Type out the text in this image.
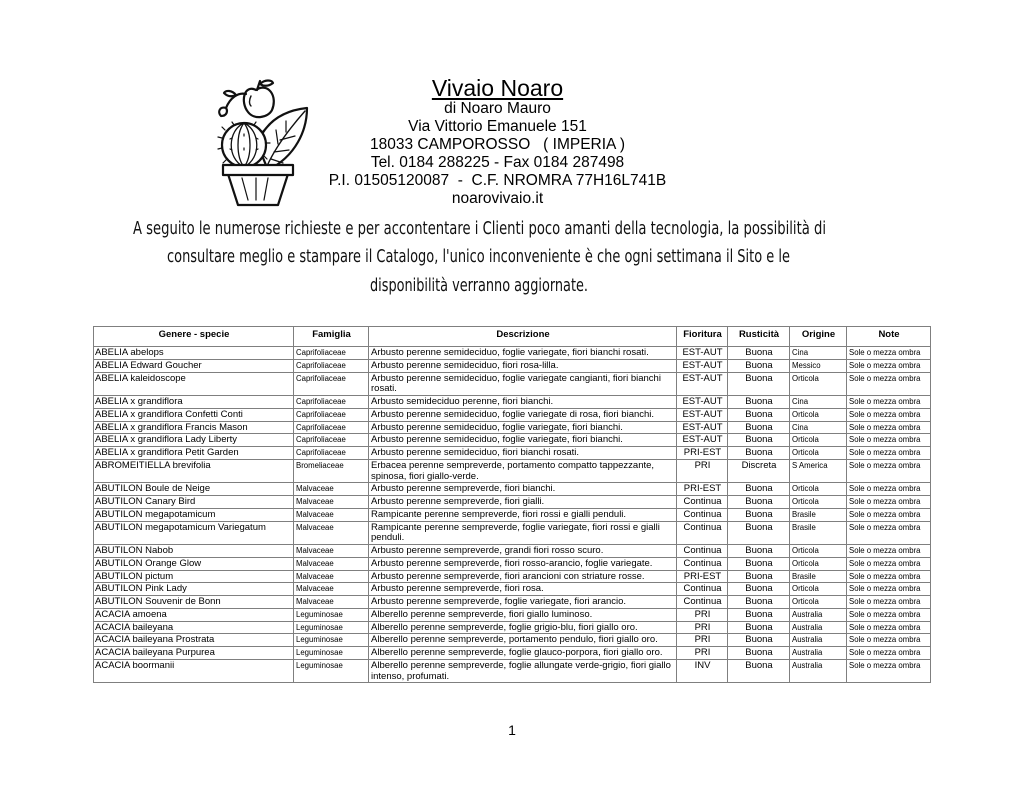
Vivaio Noaro
di Noaro Mauro
Via Vittorio Emanuele 151
18033 CAMPOROSSO   ( IMPERIA )
Tel. 0184 288225 - Fax 0184 287498
P.I. 01505120087  -  C.F. NROMRA 77H16L741B
noarovivaio.it
A seguito le numerose richieste e per accontentare i Clienti poco amanti della tecnologia, la possibilità di
consultare meglio e stampare il Catalogo, l'unico inconveniente è che ogni settimana il Sito e le
disponibilità verranno aggiornate.
Genere - specie	Famiglia	Descrizione	Fioritura	Rusticità	Origine	Note
ABELIA abelops	Caprifoliaceae	Arbusto perenne semideciduo, foglie variegate, fiori bianchi rosati.	EST-AUT	Buona	Cina	Sole o mezza ombra
ABELIA Edward Goucher	Caprifoliaceae	Arbusto perenne semideciduo, fiori rosa-lilla.	EST-AUT	Buona	Messico	Sole o mezza ombra
ABELIA kaleidoscope	Caprifoliaceae	Arbusto perenne semideciduo, foglie variegate cangianti, fiori bianchi rosati.	EST-AUT	Buona	Orticola	Sole o mezza ombra
ABELIA x grandiflora	Caprifoliaceae	Arbusto semideciduo perenne, fiori bianchi.	EST-AUT	Buona	Cina	Sole o mezza ombra
ABELIA x grandiflora Confetti Conti	Caprifoliaceae	Arbusto perenne semideciduo, foglie variegate di rosa, fiori bianchi.	EST-AUT	Buona	Orticola	Sole o mezza ombra
ABELIA x grandiflora Francis Mason	Caprifoliaceae	Arbusto perenne semideciduo, foglie variegate, fiori bianchi.	EST-AUT	Buona	Cina	Sole o mezza ombra
ABELIA x grandiflora Lady Liberty	Caprifoliaceae	Arbusto perenne semideciduo, foglie variegate, fiori bianchi.	EST-AUT	Buona	Orticola	Sole o mezza ombra
ABELIA x grandiflora Petit Garden	Caprifoliaceae	Arbusto perenne semideciduo, fiori bianchi rosati.	PRI-EST	Buona	Orticola	Sole o mezza ombra
ABROMEITIELLA brevifolia	Bromeliaceae	Erbacea perenne sempreverde, portamento compatto tappezzante, spinosa, fiori giallo-verde.	PRI	Discreta	S America	Sole o mezza ombra
ABUTILON Boule de Neige	Malvaceae	Arbusto perenne sempreverde, fiori bianchi.	PRI-EST	Buona	Orticola	Sole o mezza ombra
ABUTILON Canary Bird	Malvaceae	Arbusto perenne sempreverde, fiori gialli.	Continua	Buona	Orticola	Sole o mezza ombra
ABUTILON megapotamicum	Malvaceae	Rampicante perenne sempreverde, fiori rossi e gialli penduli.	Continua	Buona	Brasile	Sole o mezza ombra
ABUTILON megapotamicum Variegatum	Malvaceae	Rampicante perenne sempreverde, foglie variegate, fiori rossi e gialli penduli.	Continua	Buona	Brasile	Sole o mezza ombra
ABUTILON Nabob	Malvaceae	Arbusto perenne sempreverde, grandi fiori rosso scuro.	Continua	Buona	Orticola	Sole o mezza ombra
ABUTILON Orange Glow	Malvaceae	Arbusto perenne sempreverde, fiori rosso-arancio, foglie variegate.	Continua	Buona	Orticola	Sole o mezza ombra
ABUTILON pictum	Malvaceae	Arbusto perenne sempreverde, fiori arancioni con striature rosse.	PRI-EST	Buona	Brasile	Sole o mezza ombra
ABUTILON Pink Lady	Malvaceae	Arbusto perenne sempreverde, fiori rosa.	Continua	Buona	Orticola	Sole o mezza ombra
ABUTILON Souvenir de Bonn	Malvaceae	Arbusto perenne sempreverde, foglie variegate, fiori arancio.	Continua	Buona	Orticola	Sole o mezza ombra
ACACIA amoena	Leguminosae	Alberello perenne sempreverde, fiori giallo luminoso.	PRI	Buona	Australia	Sole o mezza ombra
ACACIA baileyana	Leguminosae	Alberello perenne sempreverde, foglie grigio-blu, fiori giallo oro.	PRI	Buona	Australia	Sole o mezza ombra
ACACIA baileyana Prostrata	Leguminosae	Alberello perenne sempreverde, portamento pendulo, fiori giallo oro.	PRI	Buona	Australia	Sole o mezza ombra
ACACIA baileyana Purpurea	Leguminosae	Alberello perenne sempreverde, foglie glauco-porpora, fiori giallo oro.	PRI	Buona	Australia	Sole o mezza ombra
ACACIA boormanii	Leguminosae	Alberello perenne sempreverde, foglie allungate verde-grigio, fiori giallo intenso, profumati.	INV	Buona	Australia	Sole o mezza ombra
1
